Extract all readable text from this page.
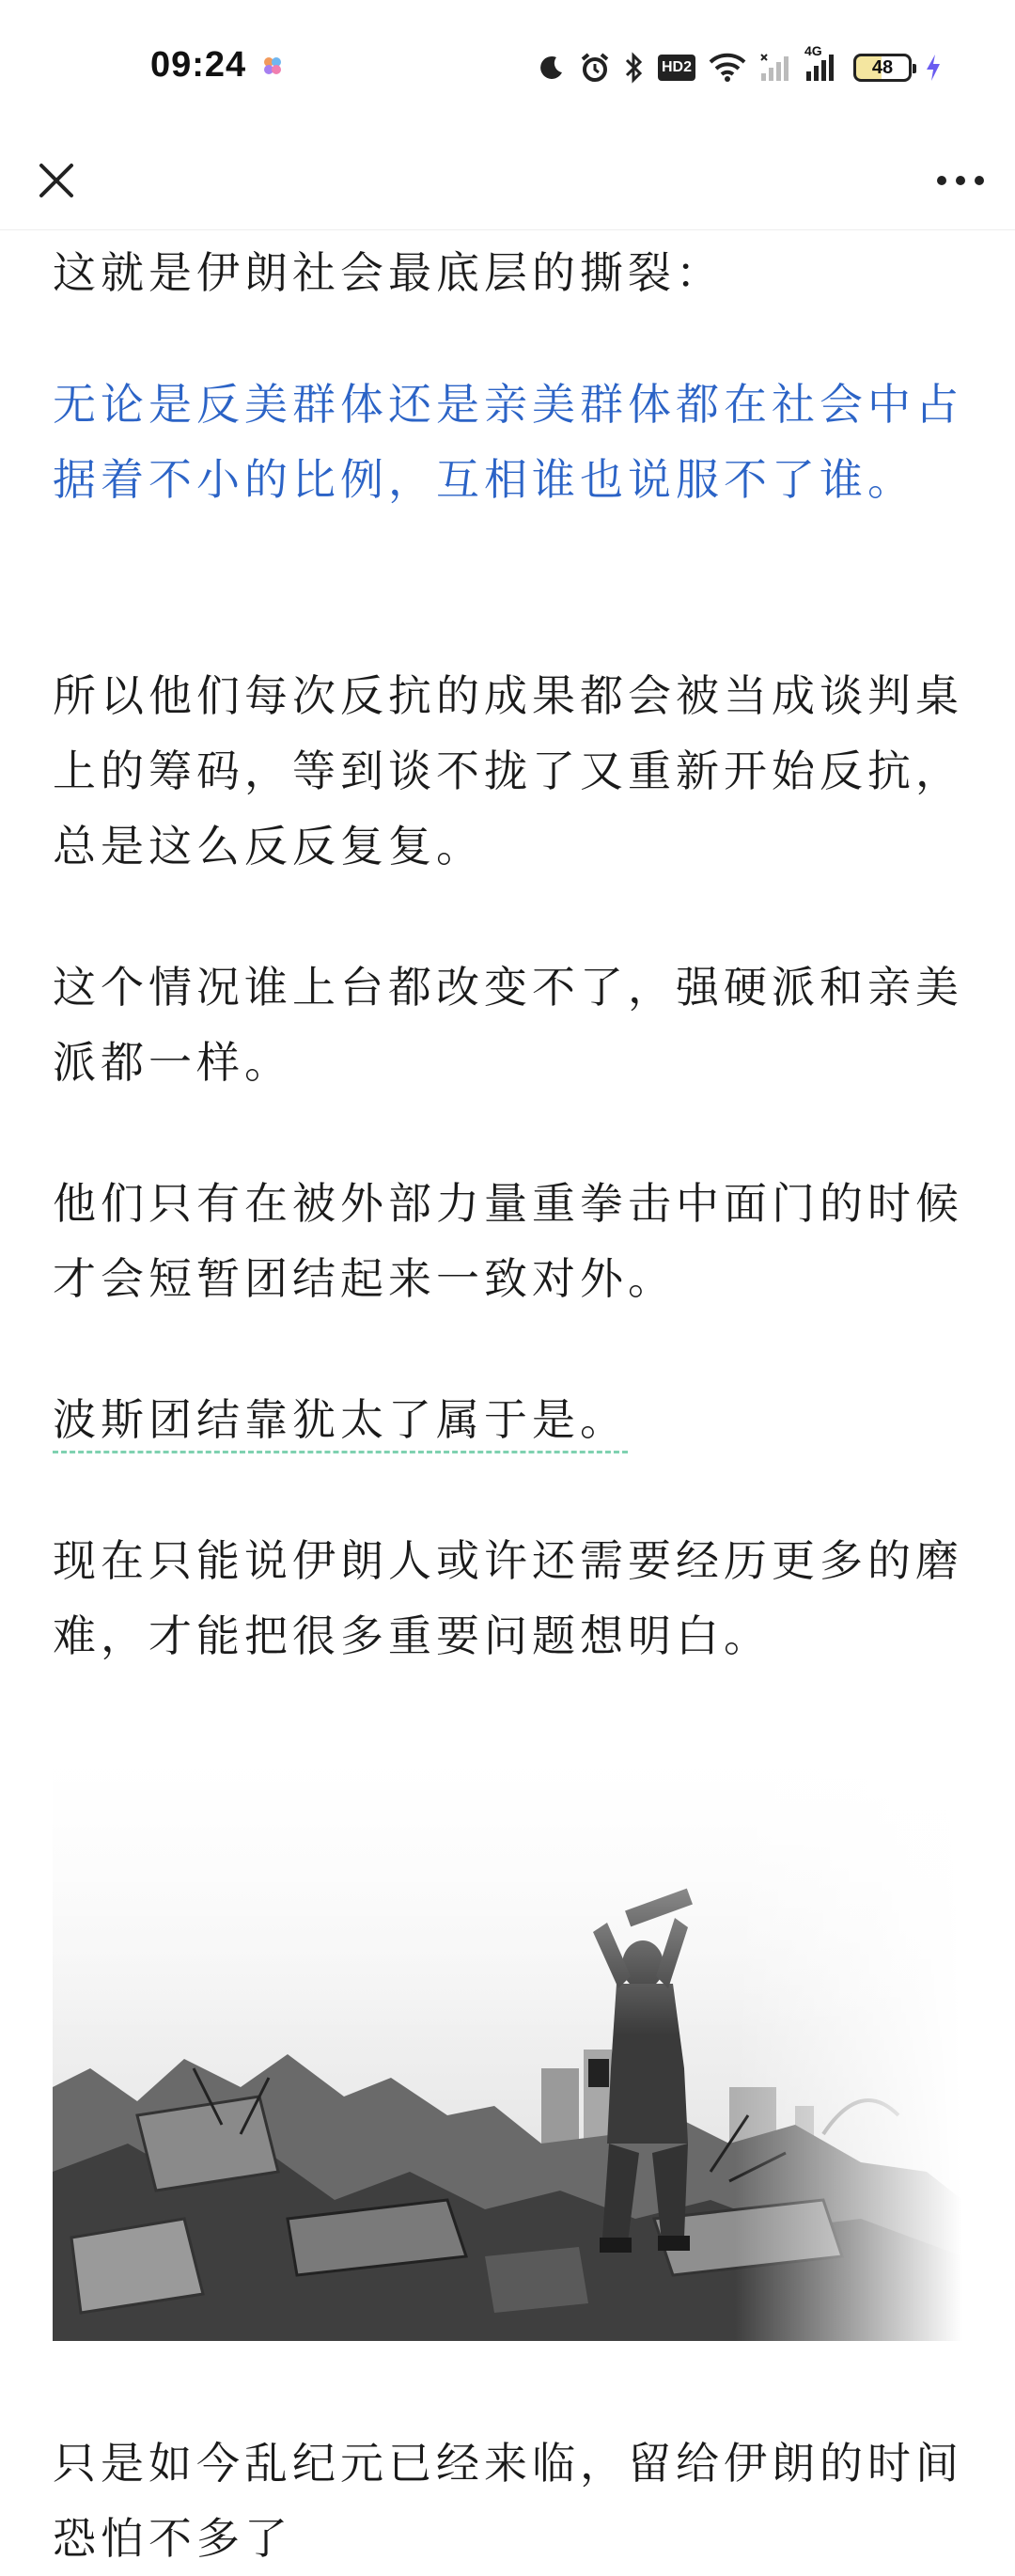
09:24	HD2
4G
48

这就是伊朗社会最底层的撕裂：

无论是反美群体还是亲美群体都在社会中占据着不小的比例，互相谁也说服不了谁。

所以他们每次反抗的成果都会被当成谈判桌上的筹码，等到谈不拢了又重新开始反抗，总是这么反反复复。

这个情况谁上台都改变不了，强硬派和亲美派都一样。

他们只有在被外部力量重拳击中面门的时候才会短暂团结起来一致对外。

波斯团结靠犹太了属于是。

现在只能说伊朗人或许还需要经历更多的磨难，才能把很多重要问题想明白。

只是如今乱纪元已经来临，留给伊朗的时间恐怕不多了
